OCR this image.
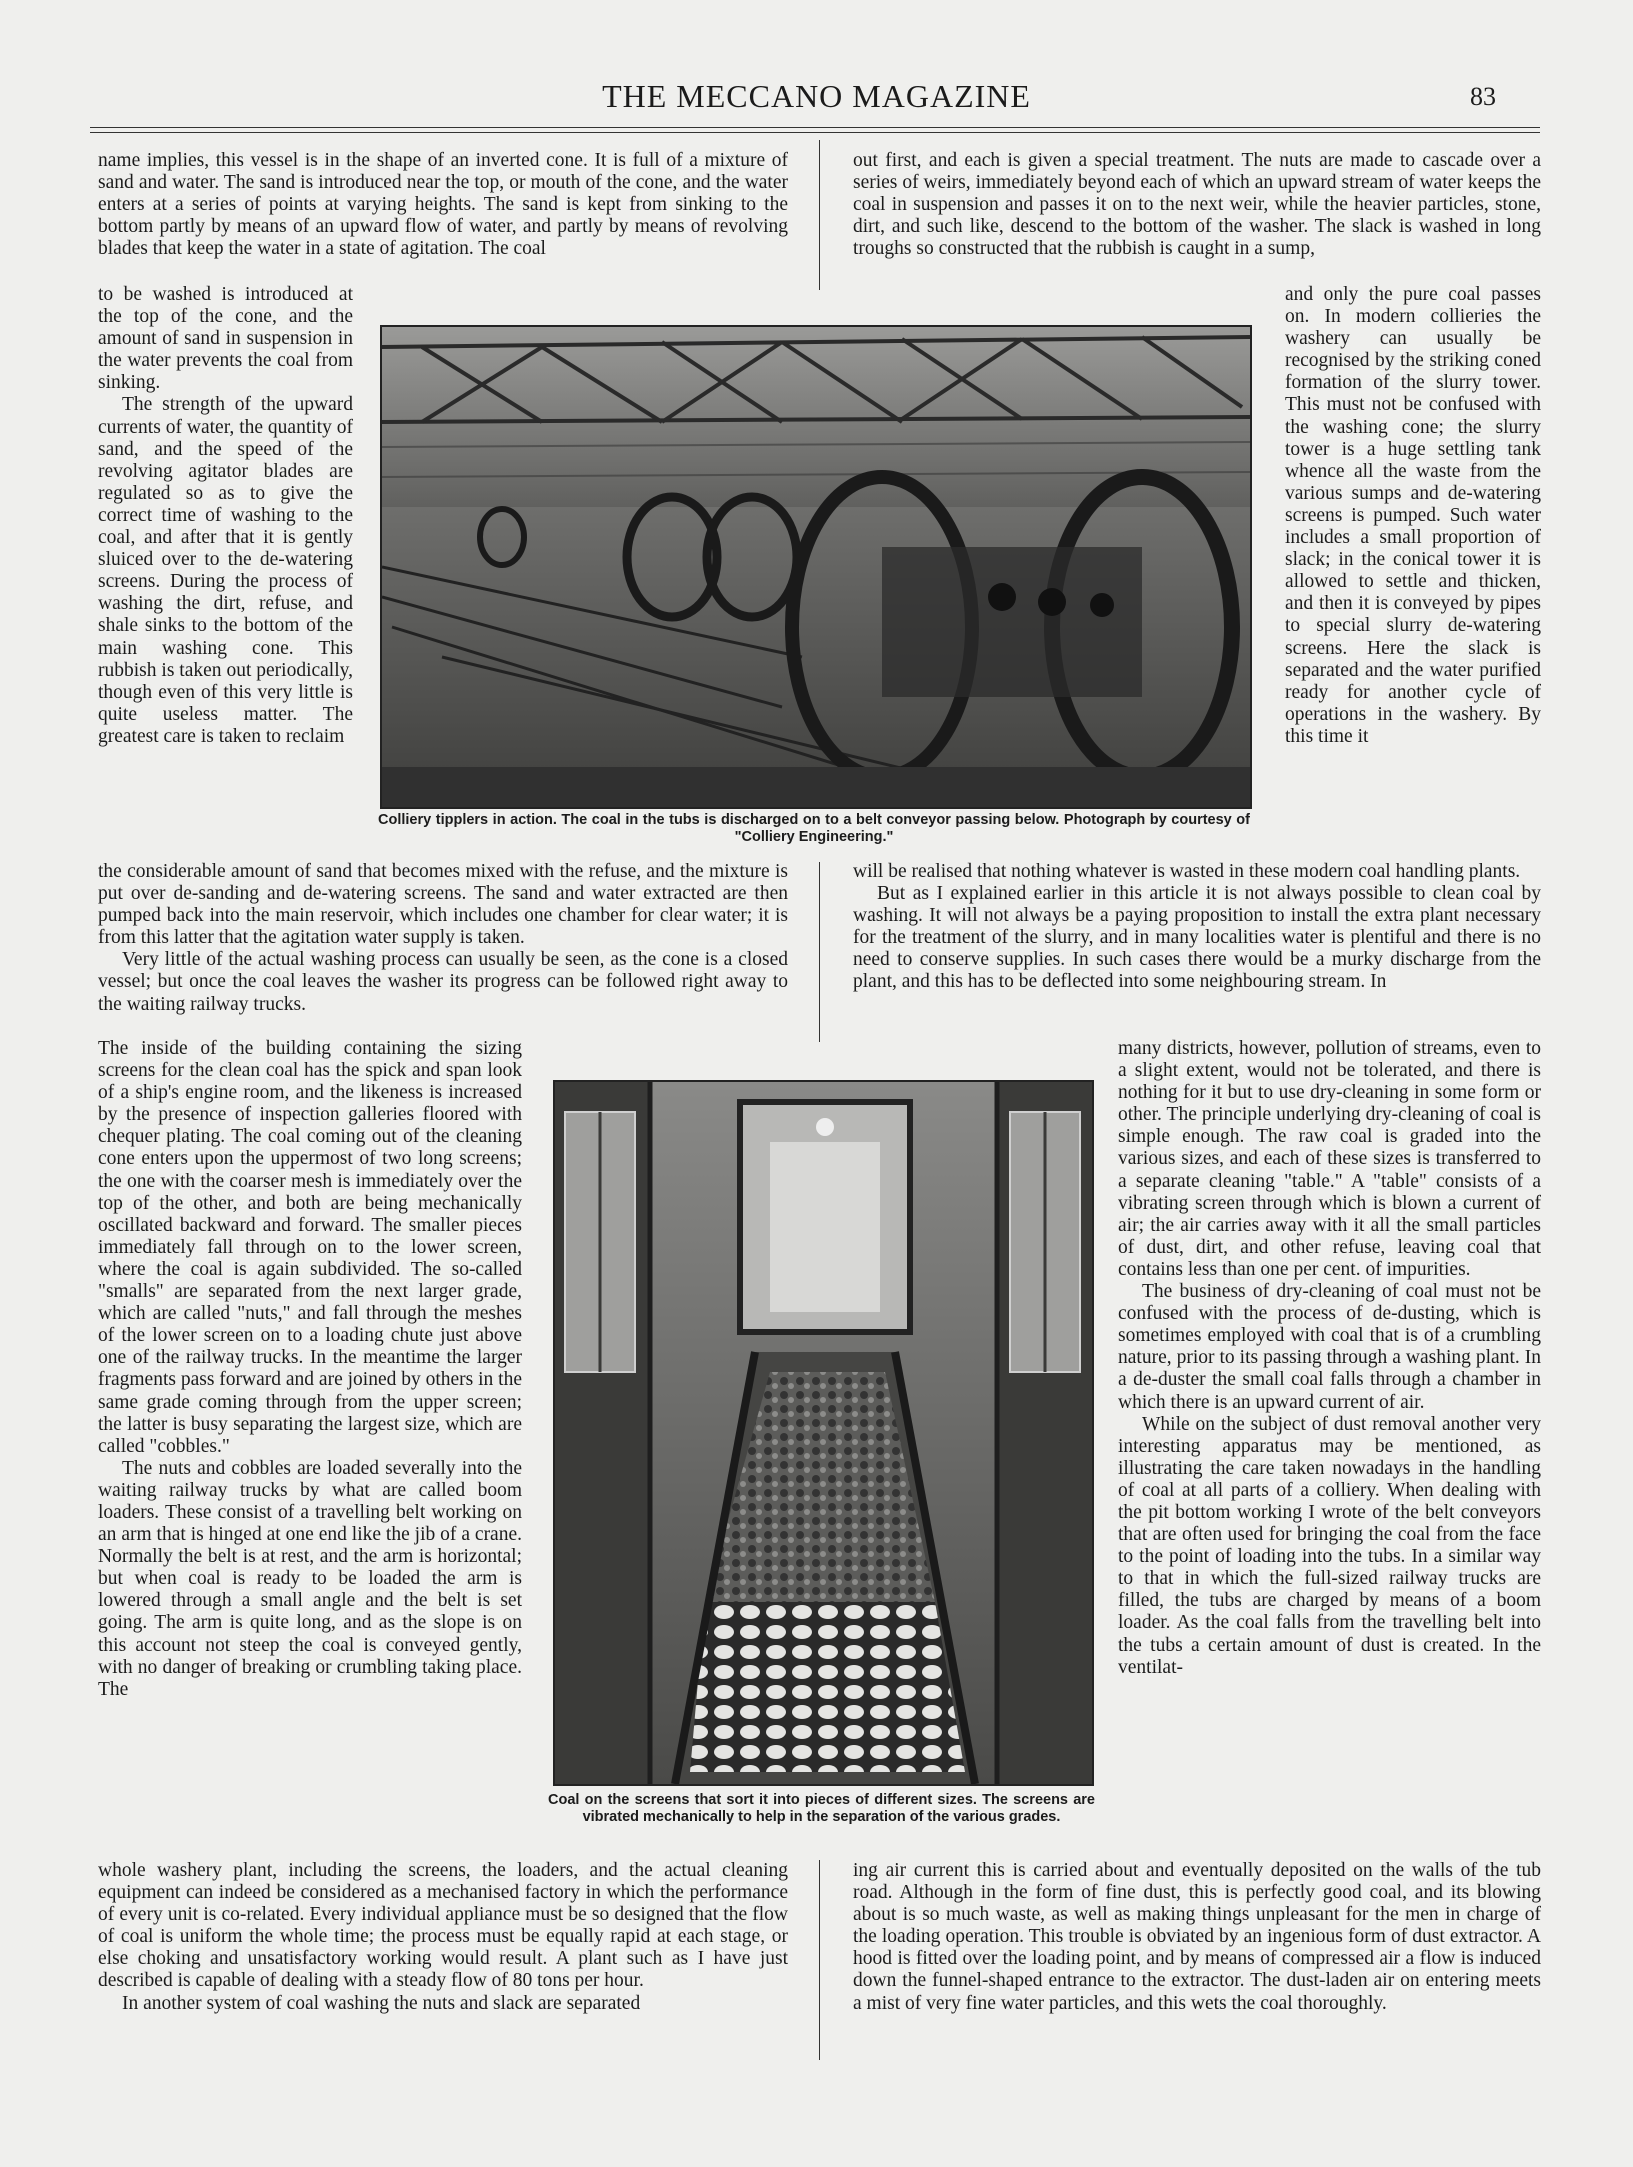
THE MECCANO MAGAZINE	83

name implies, this vessel is in the shape of an inverted cone. It is full of a mixture of sand and water. The sand is introduced near the top, or mouth of the cone, and the water enters at a series of points at varying heights. The sand is kept from sinking to the bottom partly by means of an upward flow of water, and partly by means of revolving blades that keep the water in a state of agitation. The coal

to be washed is introduced at the top of the cone, and the amount of sand in suspension in the water prevents the coal from sinking.

The strength of the upward currents of water, the quantity of sand, and the speed of the revolving agitator blades are regulated so as to give the correct time of washing to the coal, and after that it is gently sluiced over to the de-watering screens. During the process of washing the dirt, refuse, and shale sinks to the bottom of the main washing cone. This rubbish is taken out periodically, though even of this very little is quite useless matter. The greatest care is taken to reclaim

the considerable amount of sand that becomes mixed with the refuse, and the mixture is put over de-sanding and de-watering screens. The sand and water extracted are then pumped back into the main reservoir, which includes one chamber for clear water; it is from this latter that the agitation water supply is taken.

Very little of the actual washing process can usually be seen, as the cone is a closed vessel; but once the coal leaves the washer its progress can be followed right away to the waiting railway trucks.

The inside of the building containing the sizing screens for the clean coal has the spick and span look of a ship's engine room, and the likeness is increased by the presence of inspection galleries floored with chequer plating. The coal coming out of the cleaning cone enters upon the uppermost of two long screens; the one with the coarser mesh is immediately over the top of the other, and both are being mechanically oscillated backward and forward. The smaller pieces immediately fall through on to the lower screen, where the coal is again subdivided. The so-called "smalls" are separated from the next larger grade, which are called "nuts," and fall through the meshes of the lower screen on to a loading chute just above one of the railway trucks. In the meantime the larger fragments pass forward and are joined by others in the same grade coming through from the upper screen; the latter is busy separating the largest size, which are called "cobbles."

The nuts and cobbles are loaded severally into the waiting railway trucks by what are called boom loaders. These consist of a travelling belt working on an arm that is hinged at one end like the jib of a crane. Normally the belt is at rest, and the arm is horizontal; but when coal is ready to be loaded the arm is lowered through a small angle and the belt is set going. The arm is quite long, and as the slope is on this account not steep the coal is conveyed gently, with no danger of breaking or crumbling taking place. The

whole washery plant, including the screens, the loaders, and the actual cleaning equipment can indeed be considered as a mechanised factory in which the performance of every unit is co-related. Every individual appliance must be so designed that the flow of coal is uniform the whole time; the process must be equally rapid at each stage, or else choking and unsatisfactory working would result. A plant such as I have just described is capable of dealing with a steady flow of 80 tons per hour.

In another system of coal washing the nuts and slack are separated

out first, and each is given a special treatment. The nuts are made to cascade over a series of weirs, immediately beyond each of which an upward stream of water keeps the coal in suspension and passes it on to the next weir, while the heavier particles, stone, dirt, and such like, descend to the bottom of the washer. The slack is washed in long troughs so constructed that the rubbish is caught in a sump,

and only the pure coal passes on. In modern collieries the washery can usually be recognised by the striking coned formation of the slurry tower. This must not be confused with the washing cone; the slurry tower is a huge settling tank whence all the waste from the various sumps and de-watering screens is pumped. Such water includes a small proportion of slack; in the conical tower it is allowed to settle and thicken, and then it is conveyed by pipes to special slurry de-watering screens. Here the slack is separated and the water purified ready for another cycle of operations in the washery. By this time it

will be realised that nothing whatever is wasted in these modern coal handling plants.

But as I explained earlier in this article it is not always possible to clean coal by washing. It will not always be a paying proposition to install the extra plant necessary for the treatment of the slurry, and in many localities water is plentiful and there is no need to conserve supplies. In such cases there would be a murky discharge from the plant, and this has to be deflected into some neighbouring stream. In

many districts, however, pollution of streams, even to a slight extent, would not be tolerated, and there is nothing for it but to use dry-cleaning in some form or other. The principle underlying dry-cleaning of coal is simple enough. The raw coal is graded into the various sizes, and each of these sizes is transferred to a separate cleaning "table." A "table" consists of a vibrating screen through which is blown a current of air; the air carries away with it all the small particles of dust, dirt, and other refuse, leaving coal that contains less than one per cent. of impurities.

The business of dry-cleaning of coal must not be confused with the process of de-dusting, which is sometimes employed with coal that is of a crumbling nature, prior to its passing through a washing plant. In a de-duster the small coal falls through a chamber in which there is an upward current of air.

While on the subject of dust removal another very interesting apparatus may be mentioned, as illustrating the care taken nowadays in the handling of coal at all parts of a colliery. When dealing with the pit bottom working I wrote of the belt conveyors that are often used for bringing the coal from the face to the point of loading into the tubs. In a similar way to that in which the full-sized railway trucks are filled, the tubs are charged by means of a boom loader. As the coal falls from the travelling belt into the tubs a certain amount of dust is created. In the ventilat-

ing air current this is carried about and eventually deposited on the walls of the tub road. Although in the form of fine dust, this is perfectly good coal, and its blowing about is so much waste, as well as making things unpleasant for the men in charge of the loading operation. This trouble is obviated by an ingenious form of dust extractor. A hood is fitted over the loading point, and by means of compressed air a flow is induced down the funnel-shaped entrance to the extractor. The dust-laden air on entering meets a mist of very fine water particles, and this wets the coal thoroughly.

Colliery tipplers in action. The coal in the tubs is discharged on to a belt conveyor passing below. Photograph by courtesy of "Colliery Engineering."
Coal on the screens that sort it into pieces of different sizes. The screens are vibrated mechanically to help in the separation of the various grades.
